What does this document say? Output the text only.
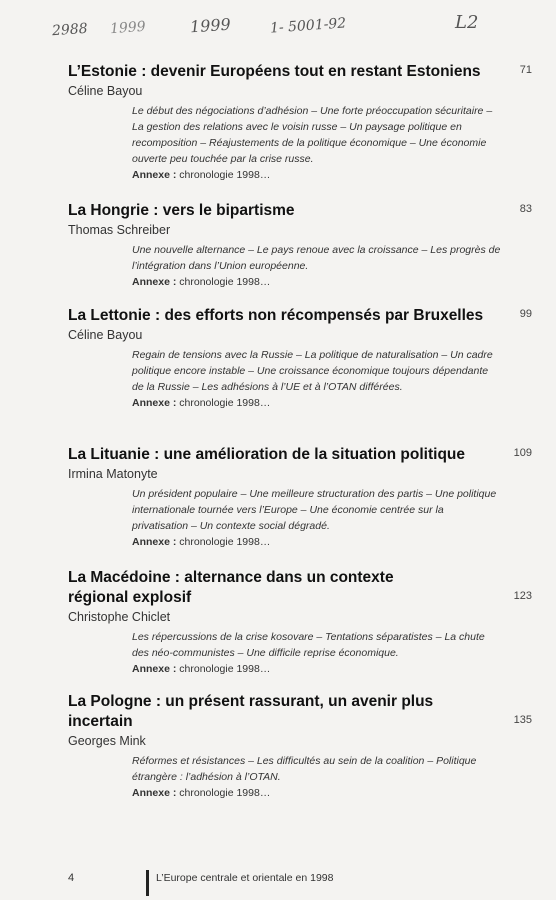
2988 1999	1999	1- 5001-92	L2

L’Estonie : devenir Européens tout en restant Estoniens	71
Céline Bayou
Le début des négociations d’adhésion – Une forte préoccupation sécuritaire – La gestion des relations avec le voisin russe – Un paysage politique en recomposition – Réajustements de la politique économique – Une économie ouverte peu touchée par la crise russe.
Annexe : chronologie 1998…

La Hongrie : vers le bipartisme	83
Thomas Schreiber
Une nouvelle alternance – Le pays renoue avec la croissance – Les progrès de l’intégration dans l’Union européenne.
Annexe : chronologie 1998…

La Lettonie : des efforts non récompensés par Bruxelles	99
Céline Bayou
Regain de tensions avec la Russie – La politique de naturalisation – Un cadre politique encore instable – Une croissance économique toujours dépendante de la Russie – Les adhésions à l’UE et à l’OTAN différées.
Annexe : chronologie 1998…

La Lituanie : une amélioration de la situation politique	109
Irmina Matonyte
Un président populaire – Une meilleure structuration des partis – Une politique internationale tournée vers l’Europe – Une économie centrée sur la privatisation – Un contexte social dégradé.
Annexe : chronologie 1998…

La Macédoine : alternance dans un contexte régional explosif	123
Christophe Chiclet
Les répercussions de la crise kosovare – Tentations séparatistes – La chute des néo-communistes – Une difficile reprise économique.
Annexe : chronologie 1998…

La Pologne : un présent rassurant, un avenir plus incertain	135
Georges Mink
Réformes et résistances – Les difficultés au sein de la coalition – Politique étrangère : l’adhésion à l’OTAN.
Annexe : chronologie 1998…
4	L’Europe centrale et orientale en 1998
